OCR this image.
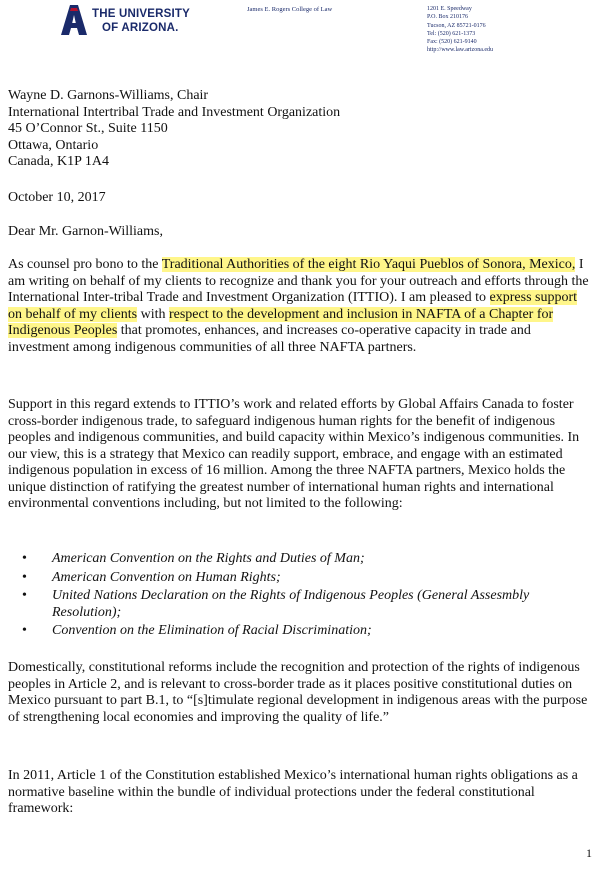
THE UNIVERSITY
OF ARIZONA.
James E. Rogers College of Law	1201 E. Speedway
P.O. Box 210176
Tucson, AZ 85721-0176
Tel: (520) 621-1373
Fax: (520) 621-9140
http://www.law.arizona.edu
Wayne D. Garnons-Williams, Chair
International Intertribal Trade and Investment Organization
45 O’Connor St., Suite 1150
Ottawa, Ontario
Canada, K1P 1A4
October 10, 2017
Dear Mr. Garnon-Williams,

As counsel pro bono to the Traditional Authorities of the eight Rio Yaqui Pueblos of Sonora, Mexico, I am writing on behalf of my clients to recognize and thank you for your outreach and efforts through the International Inter-tribal Trade and Investment Organization (ITTIO). I am pleased to express support on behalf of my clients with respect to the development and inclusion in NAFTA of a Chapter for Indigenous Peoples that promotes, enhances, and increases co-operative capacity in trade and investment among indigenous communities of all three NAFTA partners.

Support in this regard extends to ITTIO’s work and related efforts by Global Affairs Canada to foster cross-border indigenous trade, to safeguard indigenous human rights for the benefit of indigenous peoples and indigenous communities, and build capacity within Mexico’s indigenous communities. In our view, this is a strategy that Mexico can readily support, embrace, and engage with an estimated indigenous population in excess of 16 million. Among the three NAFTA partners, Mexico holds the unique distinction of ratifying the greatest number of international human rights and international environmental conventions including, but not limited to the following:

• American Convention on the Rights and Duties of Man;
• American Convention on Human Rights;
• United Nations Declaration on the Rights of Indigenous Peoples (General Assesmbly Resolution);
• Convention on the Elimination of Racial Discrimination;

Domestically, constitutional reforms include the recognition and protection of the rights of indigenous peoples in Article 2, and is relevant to cross-border trade as it places positive constitutional duties on Mexico pursuant to part B.1, to “[s]timulate regional development in indigenous areas with the purpose of strengthening local economies and improving the quality of life.”

In 2011, Article 1 of the Constitution established Mexico’s international human rights obligations as a normative baseline within the bundle of individual protections under the federal constitutional framework:

1
